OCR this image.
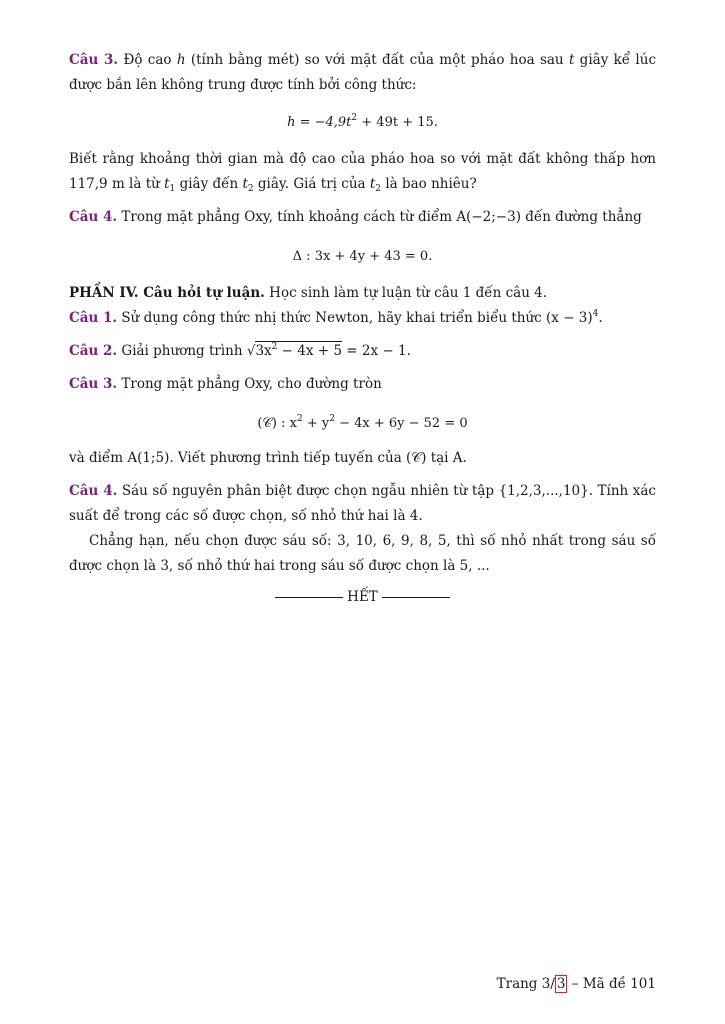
Câu 3. Độ cao h (tính bằng mét) so với mặt đất của một pháo hoa sau t giây kể lúc được bắn lên không trung được tính bởi công thức:

$h = -4,9t^2 + 49t + 15$.

Biết rằng khoảng thời gian mà độ cao của pháo hoa so với mặt đất không thấp hơn 117,9 m là từ $t_1$ giây đến $t_2$ giây. Giá trị của $t_2$ là bao nhiêu?

Câu 4. Trong mặt phẳng Oxy, tính khoảng cách từ điểm A(−2;−3) đến đường thẳng

Δ : 3x + 4y + 43 = 0.

PHẦN IV. Câu hỏi tự luận. Học sinh làm tự luận từ câu 1 đến câu 4.

Câu 1. Sử dụng công thức nhị thức Newton, hãy khai triển biểu thức $(x - 3)^4$.

Câu 2. Giải phương trình $√3x^2 - 4x + 5 = 2x - 1$.

Câu 3. Trong mặt phẳng Oxy, cho đường tròn

(𝒞) : $x^2 + y^2 - 4x + 6y - 52 = 0$

và điểm A(1;5). Viết phương trình tiếp tuyến của (𝒞) tại A.

Câu 4. Sáu số nguyên phân biệt được chọn ngẫu nhiên từ tập {1,2,3,...,10}. Tính xác suất để trong các số được chọn, số nhỏ thứ hai là 4.

Chẳng hạn, nếu chọn được sáu số: 3, 10, 6, 9, 8, 5, thì số nhỏ nhất trong sáu số được chọn là 3, số nhỏ thứ hai trong sáu số được chọn là 5, ...

HẾT
Trang 3/ 3 – Mã đề 101
